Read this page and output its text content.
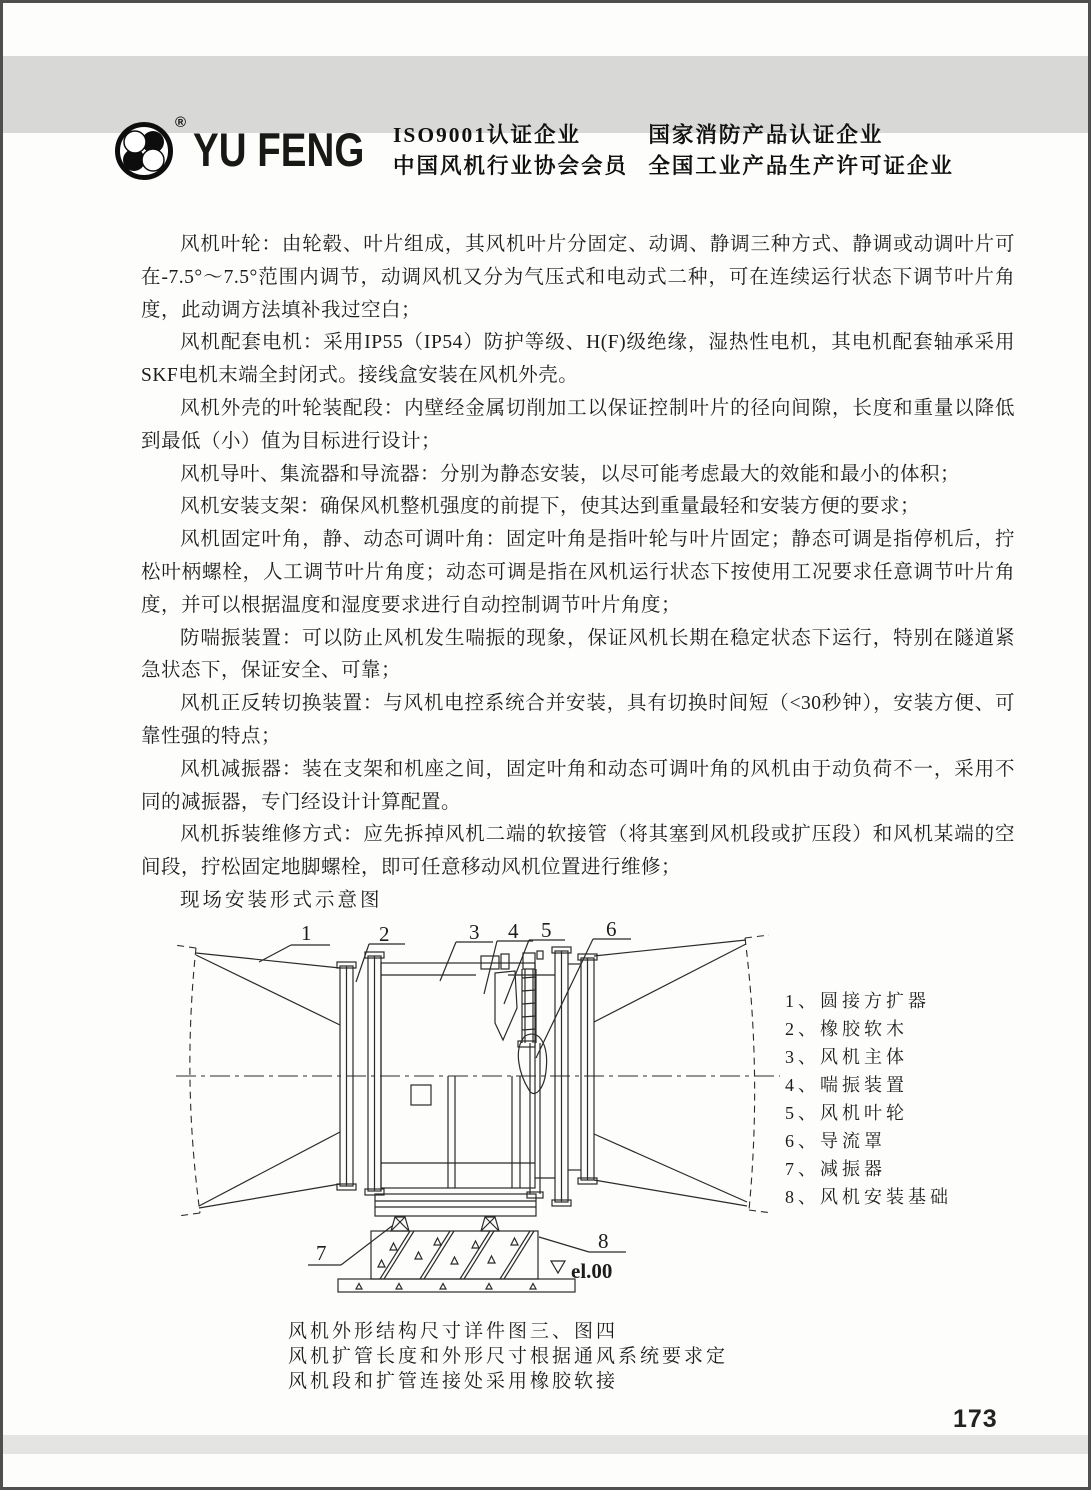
®
YU FENG ISO9001认证企业	国家消防产品认证企业
中国风机行业协会会员 全国工业产品生产许可证企业

风机叶轮：由轮毂、叶片组成，其风机叶片分固定、动调、静调三种方式、静调或动调叶片可在-7.5°～7.5°范围内调节，动调风机又分为气压式和电动式二种，可在连续运行状态下调节叶片角度，此动调方法填补我过空白；

风机配套电机：采用IP55（IP54）防护等级、H(F)级绝缘，湿热性电机，其电机配套轴承采用SKF电机末端全封闭式。接线盒安装在风机外壳。

风机外壳的叶轮装配段：内壁经金属切削加工以保证控制叶片的径向间隙，长度和重量以降低到最低（小）值为目标进行设计；

风机导叶、集流器和导流器：分别为静态安装，以尽可能考虑最大的效能和最小的体积；

风机安装支架：确保风机整机强度的前提下，使其达到重量最轻和安装方便的要求；

风机固定叶角，静、动态可调叶角：固定叶角是指叶轮与叶片固定；静态可调是指停机后，拧松叶柄螺栓，人工调节叶片角度；动态可调是指在风机运行状态下按使用工况要求任意调节叶片角度，并可以根据温度和湿度要求进行自动控制调节叶片角度；

防喘振装置：可以防止风机发生喘振的现象，保证风机长期在稳定状态下运行，特别在隧道紧急状态下，保证安全、可靠；

风机正反转切换装置：与风机电控系统合并安装，具有切换时间短（<30秒钟），安装方便、可靠性强的特点；

风机减振器：装在支架和机座之间，固定叶角和动态可调叶角的风机由于动负荷不一，采用不同的减振器，专门经设计计算配置。

风机拆装维修方式：应先拆掉风机二端的软接管（将其塞到风机段或扩压段）和风机某端的空间段，拧松固定地脚螺栓，即可任意移动风机位置进行维修；

现场安装形式示意图

el.00
1	2	3 4 5	6
7	8
1、圆接方扩器
2、橡胶软木
3、风机主体
4、喘振装置
5、风机叶轮
6、导流罩
7、减振器
8、风机安装基础
风机外形结构尺寸详件图三、图四
风机扩管长度和外形尺寸根据通风系统要求定
风机段和扩管连接处采用橡胶软接
173
